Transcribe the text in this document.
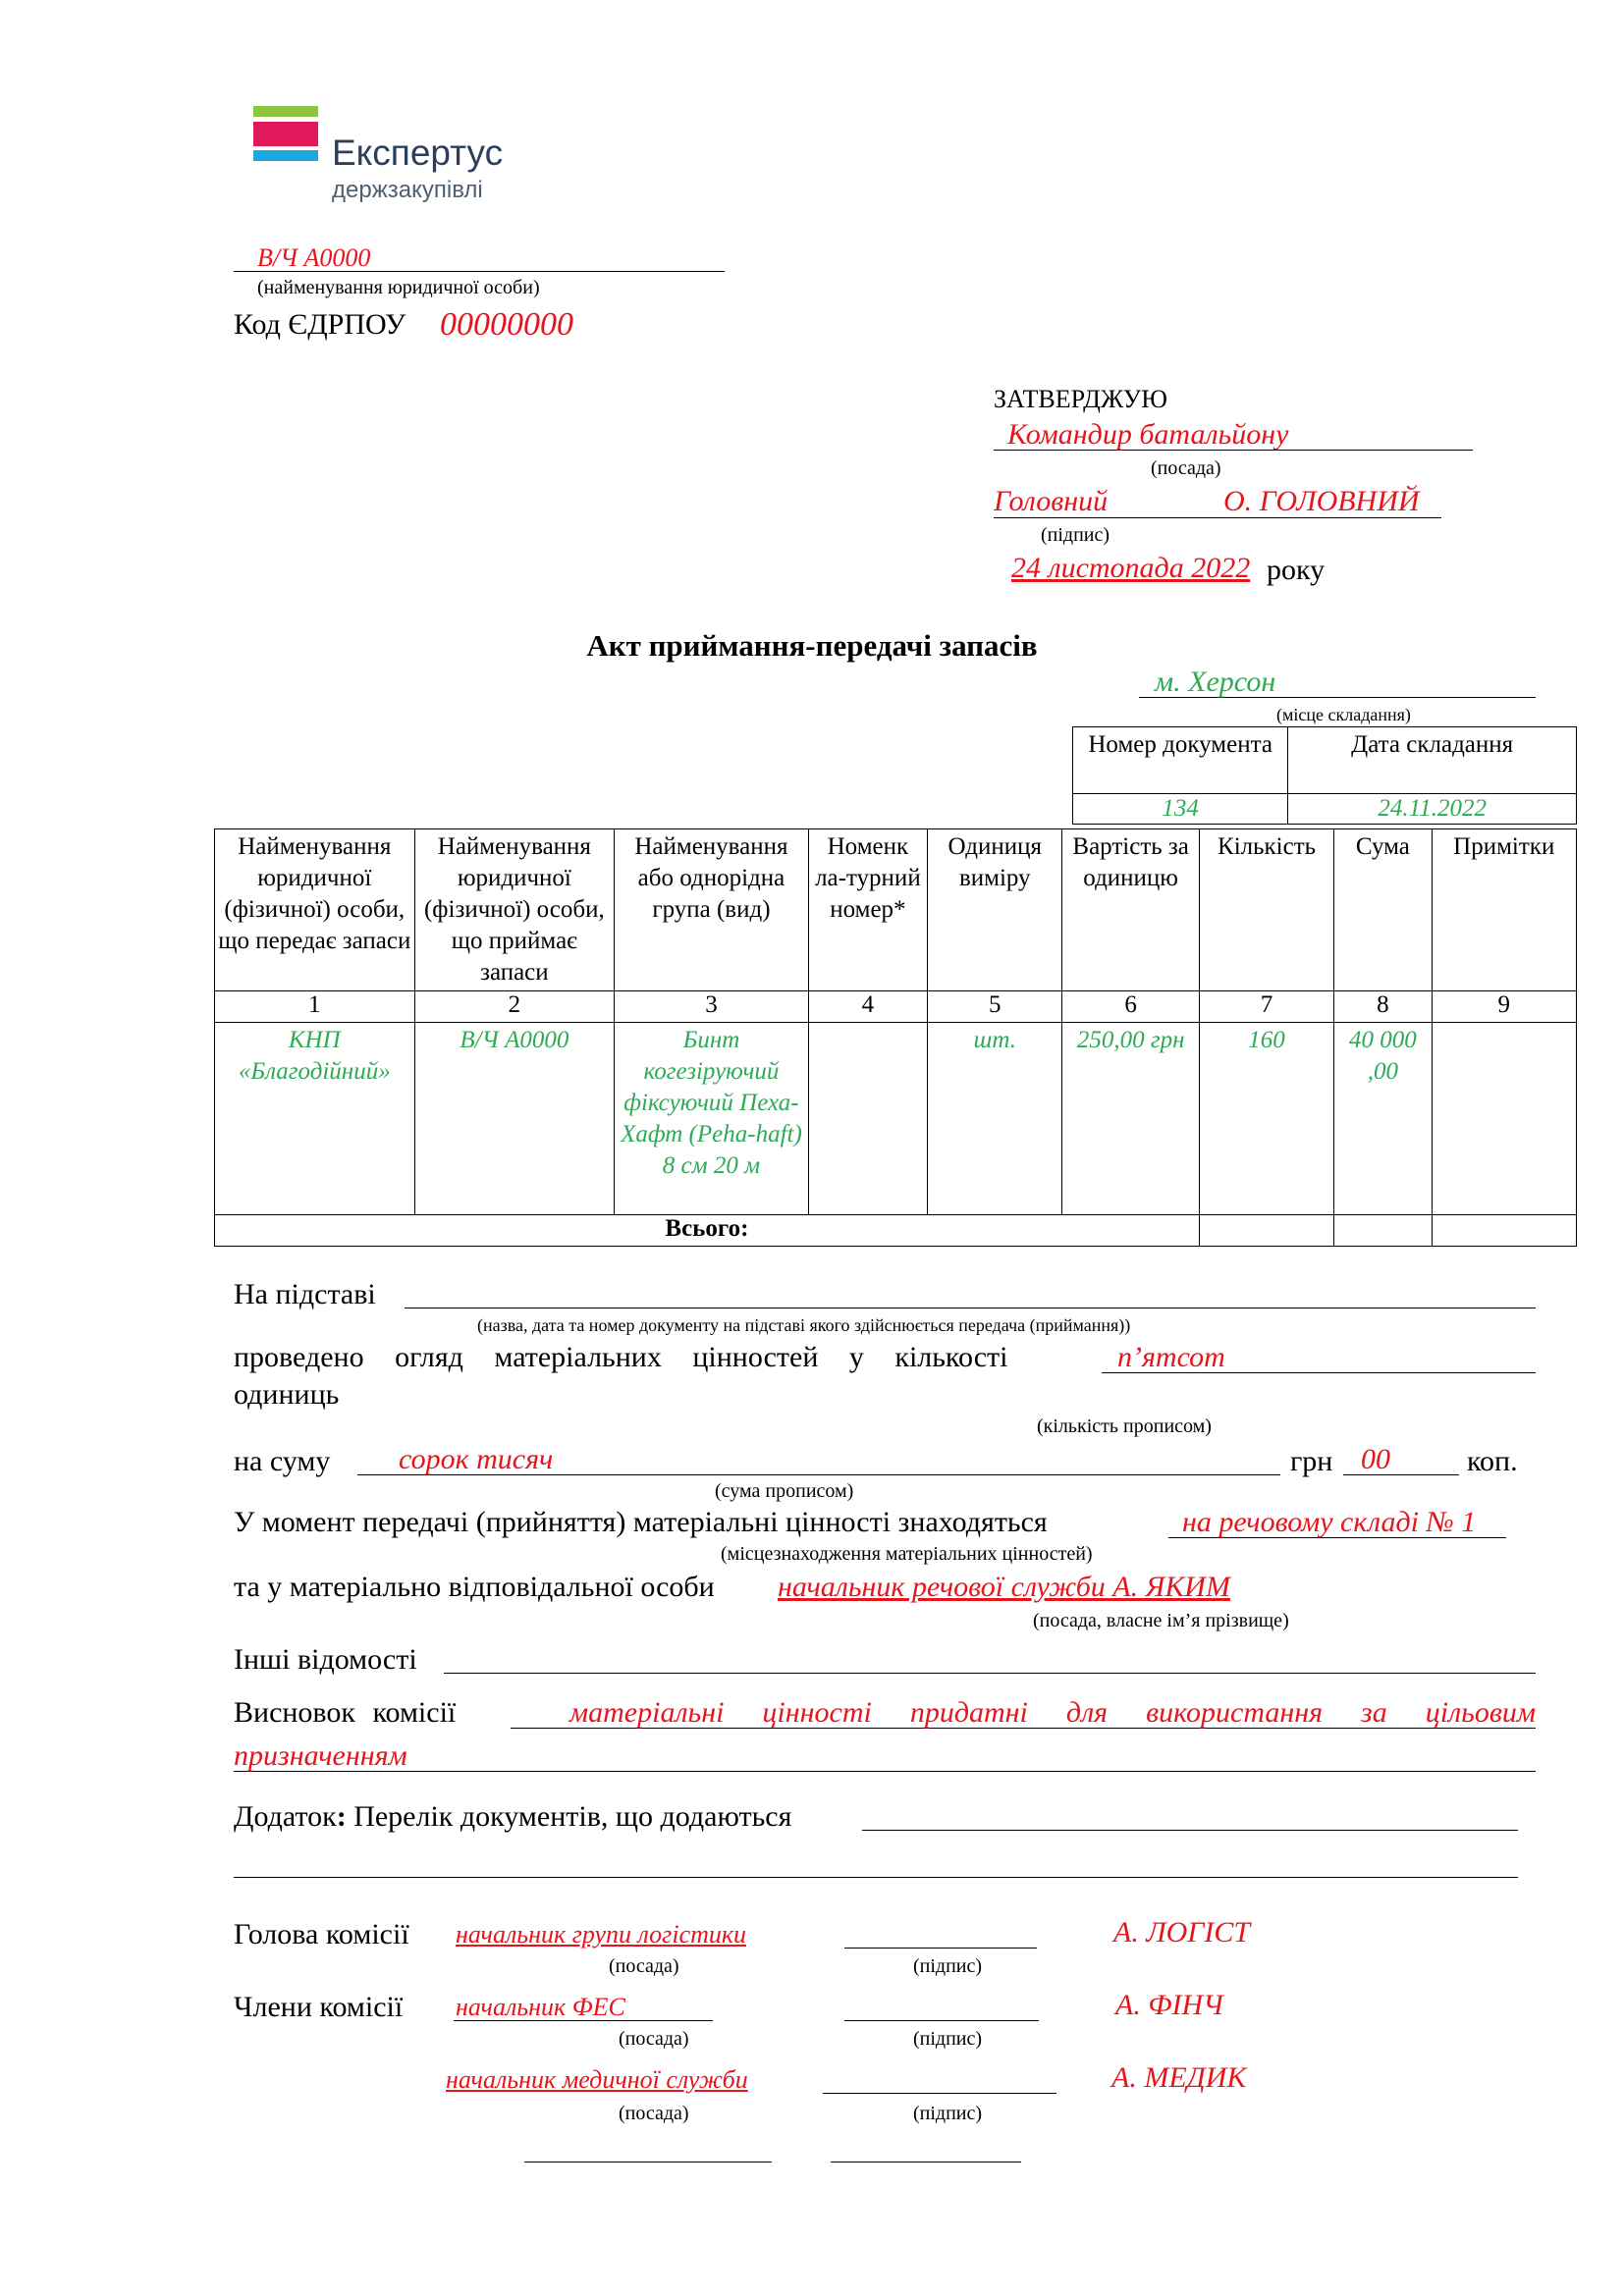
Експертус
держзакупівлі
В/Ч А0000
(найменування юридичної особи)
Код ЄДРПОУ 00000000
ЗАТВЕРДЖУЮ
Командир батальйону
(посада)
Головний	О. ГОЛОВНИЙ
(підпис)
24 листопада 2022 року
Акт приймання-передачі запасів
м. Херсон
(місце складання)
Номер документа	Дата складання
134	24.11.2022
Найменування юридичної (фізичної) особи, що передає запаси	Найменування юридичної (фізичної) особи, що приймає запаси	Найменування або однорідна група (вид)	Номенк ла-турний номер*	Одиниця виміру	Вартість за одиницю	Кількість	Сума	Примітки
1	2	3	4	5	6	7	8	9
КНП «Благодійний»	В/Ч А0000	Бинт когезіруючий фіксуючий Пеха-Хафт (Peha-haft) 8 см 20 м		шт.	250,00 грн	160	40 000 ,00	
Всього:								
На підставі
(назва, дата та номер документу на підставі якого здійснюється передача (приймання))
проведено огляд матеріальних цінностей у кількості	п’ятсот
одиниць
(кількість прописом)
на суму сорок тисяч	грн 00	коп.
(сума прописом)
У момент передачі (прийняття) матеріальні цінності знаходяться	на речовому складі № 1
(місцезнаходження матеріальних цінностей)
та у матеріально відповідальної особи начальник речової служби А. ЯКИМ
(посада, власне ім’я прізвище)
Інші відомості
Висновок комісії	матеріальні цінності придатні для використання за цільовим
призначенням
Додаток: Перелік документів, що додаються
Голова комісії начальник групи логістики	А. ЛОГІСТ
(посада)	(підпис)
Члени комісії начальник ФЕС	А. ФІНЧ
(посада)	(підпис)
начальник медичної служби	А. МЕДИК
(посада)	(підпис)
